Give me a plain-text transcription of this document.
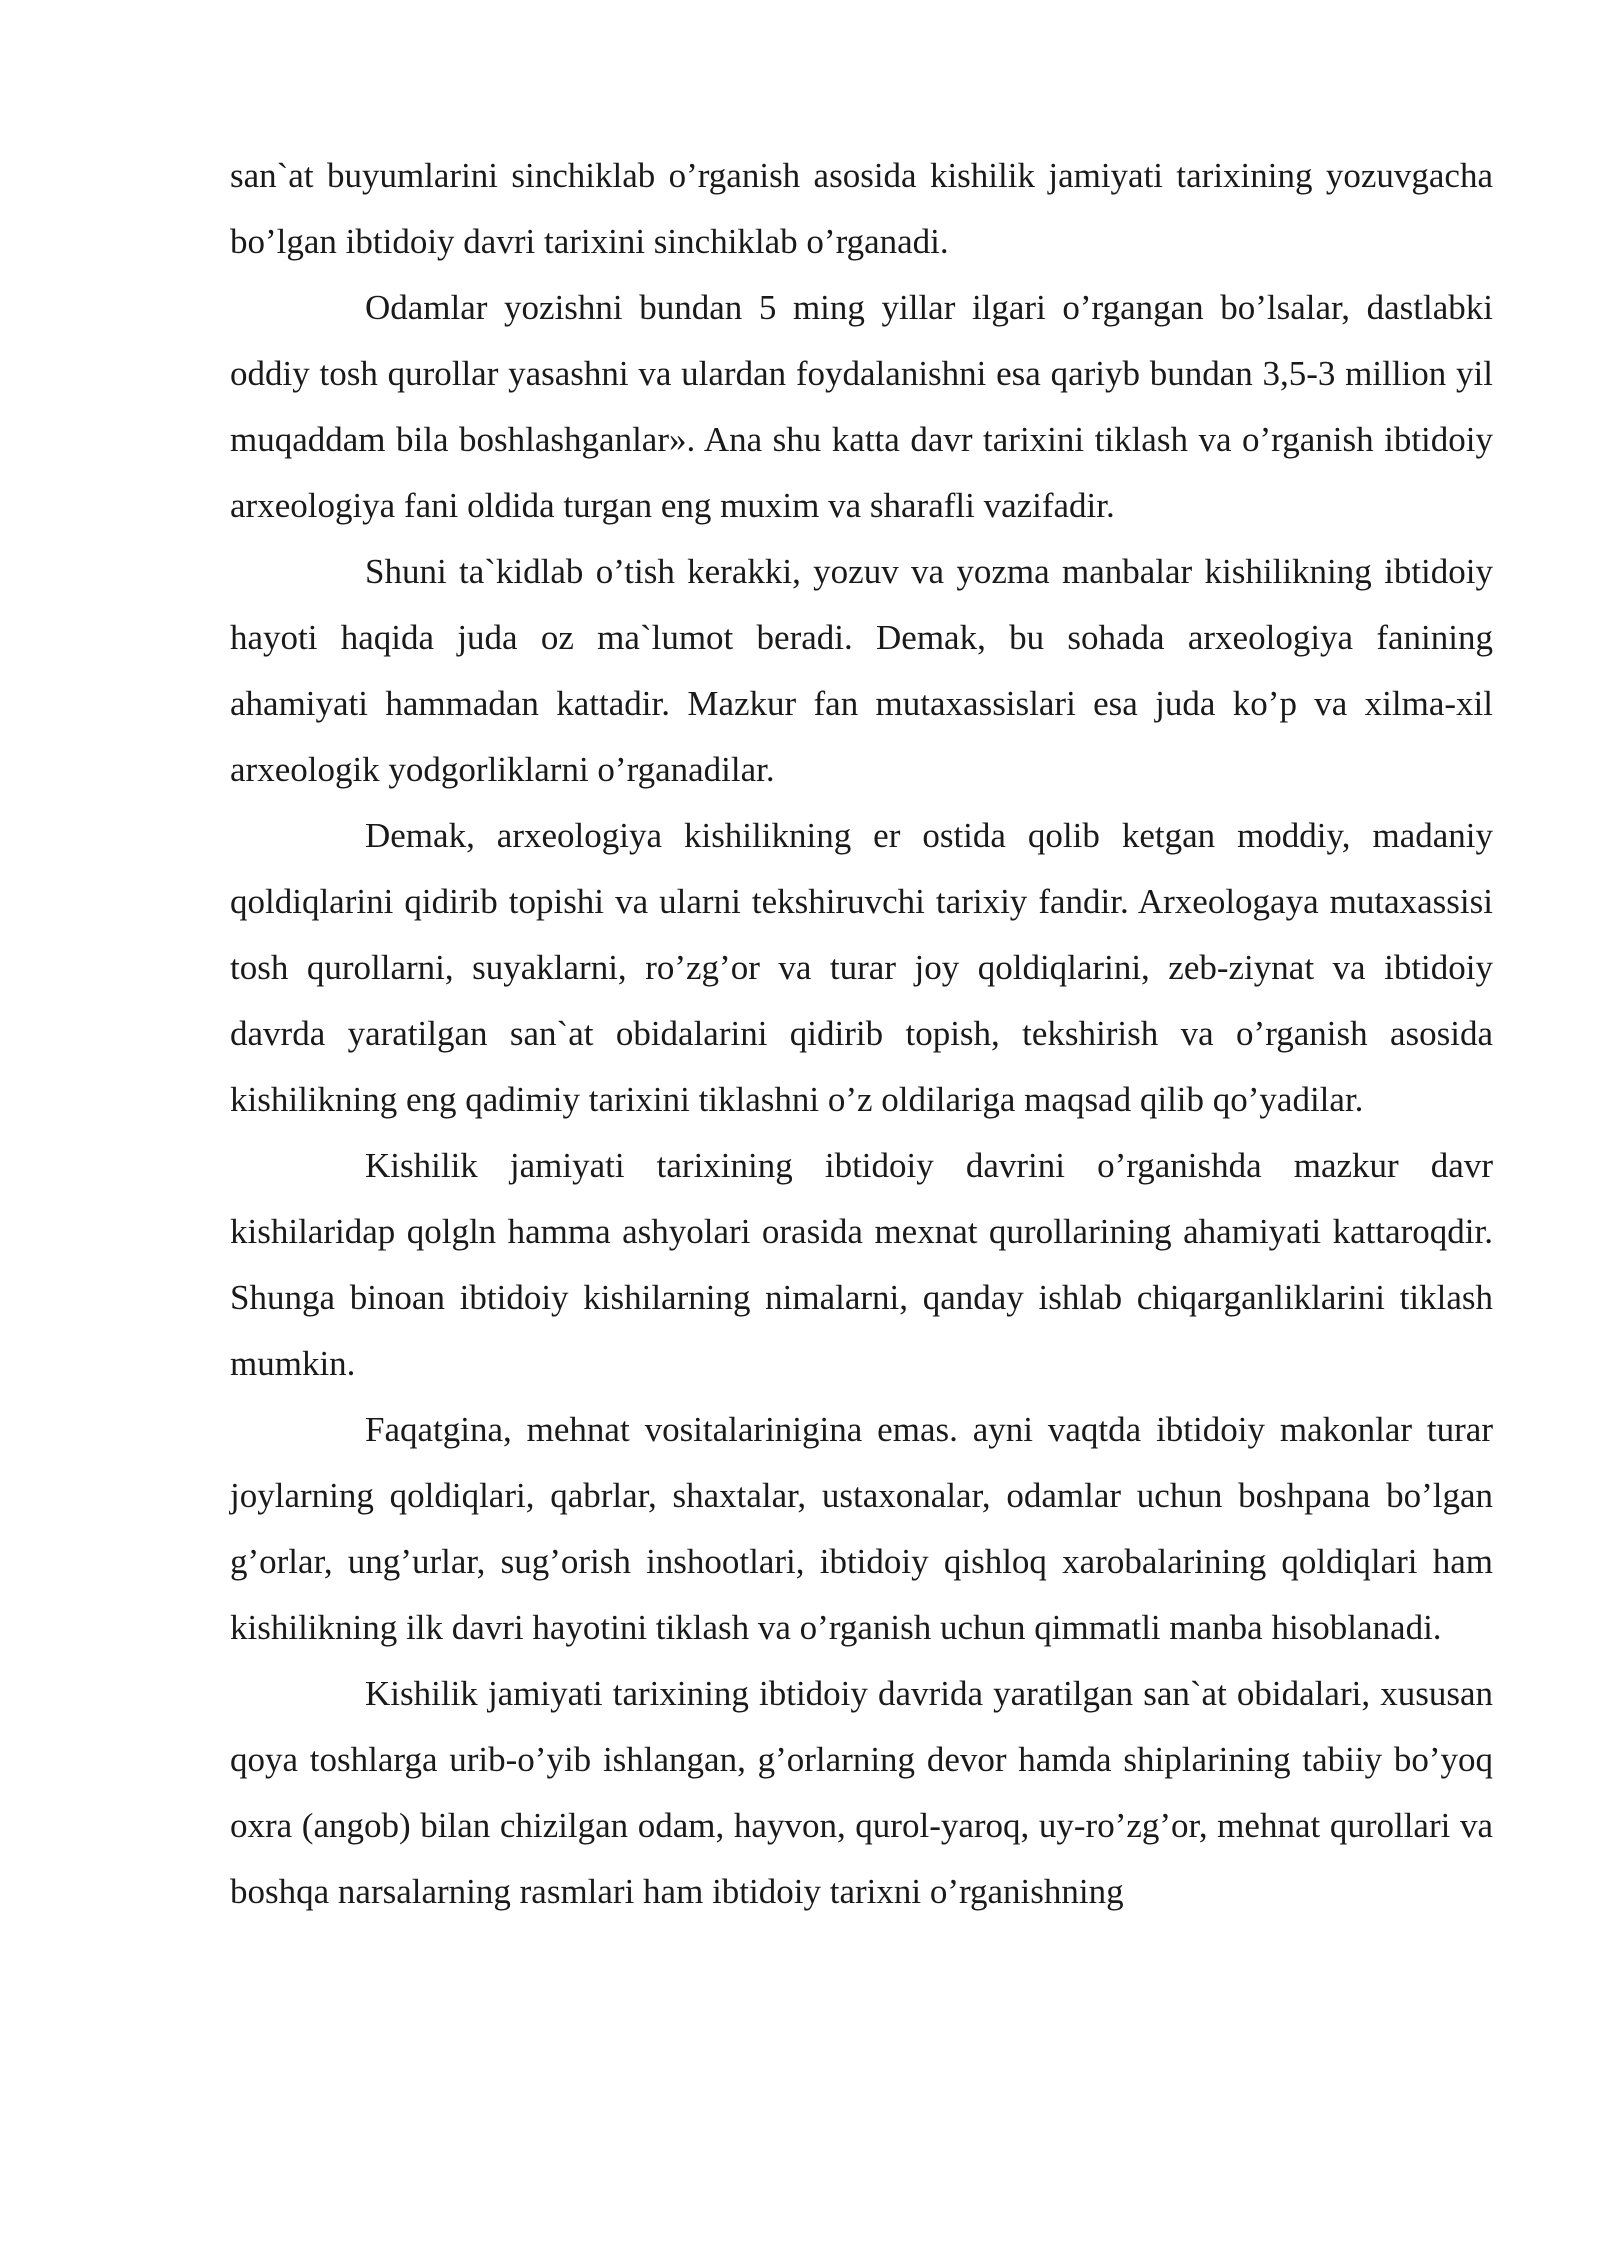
san`at buyumlarini sinchiklab o’rganish asosida kishilik jamiyati tarixining yozuvgacha bo’lgan ibtidoiy davri tarixini sinchiklab o’rganadi.

Odamlar yozishni bundan 5 ming yillar ilgari o’rgangan bo’lsalar, dastlabki oddiy tosh qurollar yasashni va ulardan foydalanishni esa qariyb bundan 3,5-3 million yil muqaddam bila boshlashganlar». Ana shu katta davr tarixini tiklash va o’rganish ibtidoiy arxeologiya fani oldida turgan eng muxim va sharafli vazifadir.

Shuni ta`kidlab o’tish kerakki, yozuv va yozma manbalar kishilikning ibtidoiy hayoti haqida juda oz ma`lumot beradi. Demak, bu sohada arxeologiya fanining ahamiyati hammadan kattadir. Mazkur fan mutaxassislari esa juda ko’p va xilma-xil arxeologik yodgorliklarni o’rganadilar.

Demak, arxeologiya kishilikning er ostida qolib ketgan moddiy, madaniy qoldiqlarini qidirib topishi va ularni tekshiruvchi tarixiy fandir. Arxeologaya mutaxassisi tosh qurollarni, suyaklarni, ro’zg’or va turar joy qoldiqlarini, zeb-ziynat va ibtidoiy davrda yaratilgan san`at obidalarini qidirib topish, tekshirish va o’rganish asosida kishilikning eng qadimiy tarixini tiklashni o’z oldilariga maqsad qilib qo’yadilar.

Kishilik jamiyati tarixining ibtidoiy davrini o’rganishda mazkur davr kishilaridap qolgln hamma ashyolari orasida mexnat qurollarining ahamiyati kattaroqdir. Shunga binoan ibtidoiy kishilarning nimalarni, qanday ishlab chiqarganliklarini tiklash mumkin.

Faqatgina, mehnat vositalarinigina emas. ayni vaqtda ibtidoiy makonlar turar joylarning qoldiqlari, qabrlar, shaxtalar, ustaxonalar, odamlar uchun boshpana bo’lgan g’orlar, ung’urlar, sug’orish inshootlari, ibtidoiy qishloq xarobalarining qoldiqlari ham kishilikning ilk davri hayotini tiklash va o’rganish uchun qimmatli manba hisoblanadi.

Kishilik jamiyati tarixining ibtidoiy davrida yaratilgan san`at obidalari, xususan qoya toshlarga urib-o’yib ishlangan, g’orlarning devor hamda shiplarining tabiiy bo’yoq oxra (angob) bilan chizilgan odam, hayvon, qurol-yaroq, uy-ro’zg’or, mehnat qurollari va boshqa narsalarning rasmlari ham ibtidoiy tarixni o’rganishning
